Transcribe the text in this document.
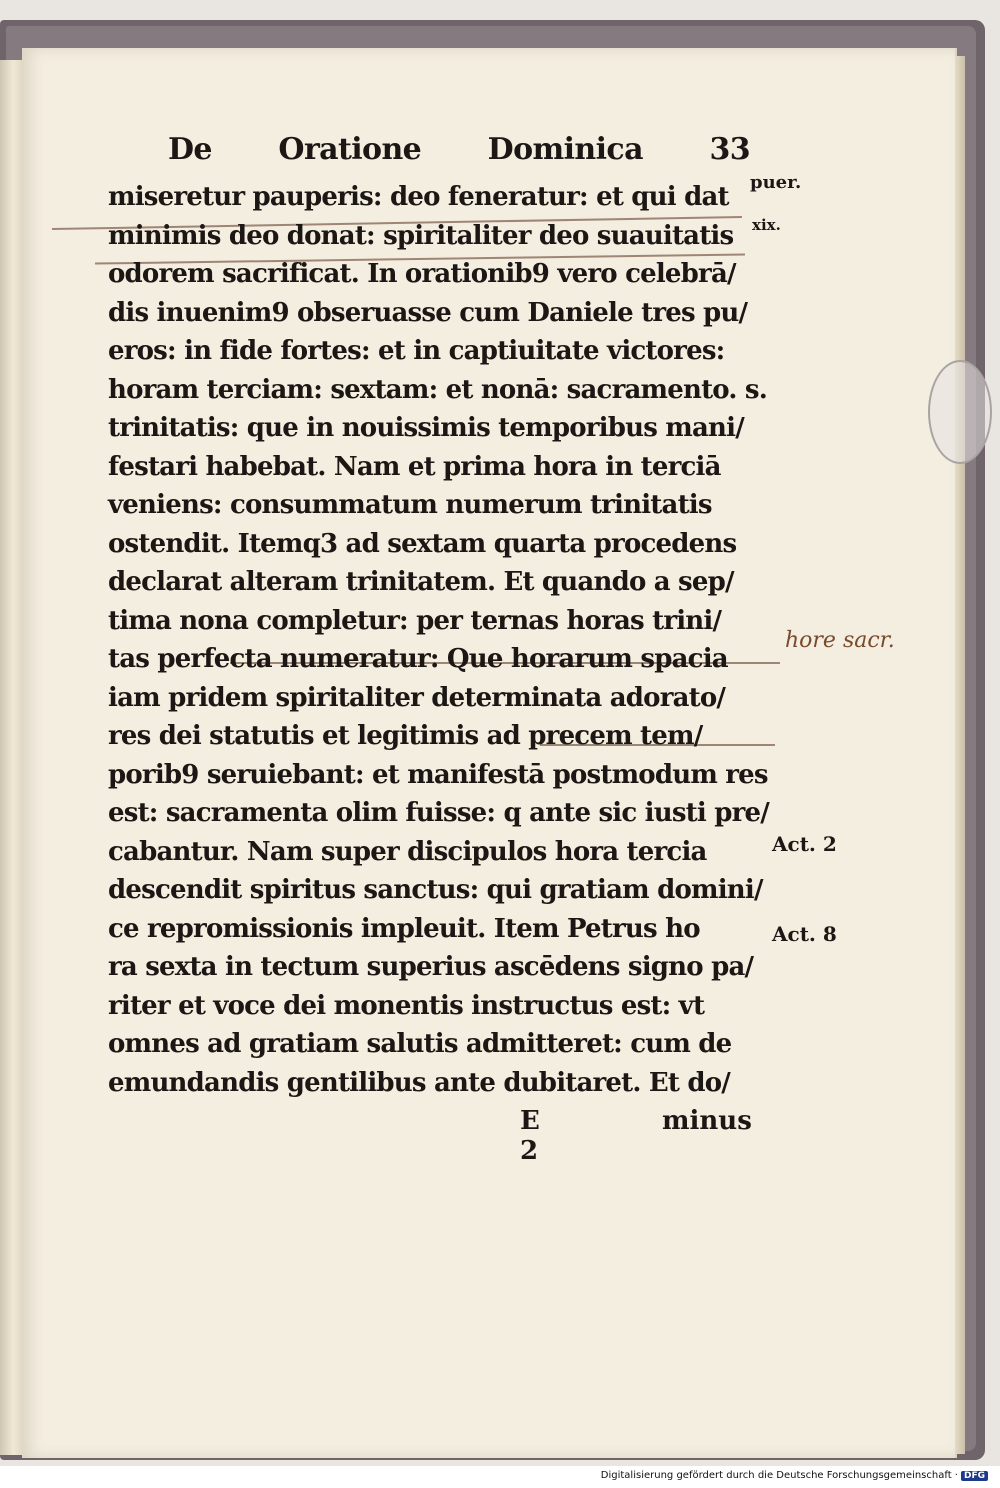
De Oratione Dominica 33
miseretur pauperis: deo feneratur: et qui dat
minimis deo donat: spiritaliter deo suauitatis
odorem sacrificat. In orationib9 vero celebrā/
dis inuenim9 obseruasse cum Daniele tres pu/
eros: in fide fortes: et in captiuitate victores:
horam terciam: sextam: et nonā: sacramento. s.
trinitatis: que in nouissimis temporibus mani/
festari habebat. Nam et prima hora in terciā
veniens: consummatum numerum trinitatis
ostendit. Itemq3 ad sextam quarta procedens
declarat alteram trinitatem. Et quando a sep/
tima nona completur: per ternas horas trini/
tas perfecta numeratur: Que horarum spacia
iam pridem spiritaliter determinata adorato/
res dei statutis et legitimis ad precem tem/
porib9 seruiebant: et manifestā postmodum res
est: sacramenta olim fuisse: q ante sic iusti pre/
cabantur. Nam super discipulos hora tercia
descendit spiritus sanctus: qui gratiam domini/
ce repromissionis impleuit. Item Petrus ho
ra sexta in tectum superius ascēdens signo pa/
riter et voce dei monentis instructus est: vt
omnes ad gratiam salutis admitteret: cum de
emundandis gentilibus ante dubitaret. Et do/
E 2
minus
puer.
xix.
Act. 2
Act. 8
hore sacr.
Digitalisierung gefördert durch die Deutsche Forschungsgemeinschaft · DFG
